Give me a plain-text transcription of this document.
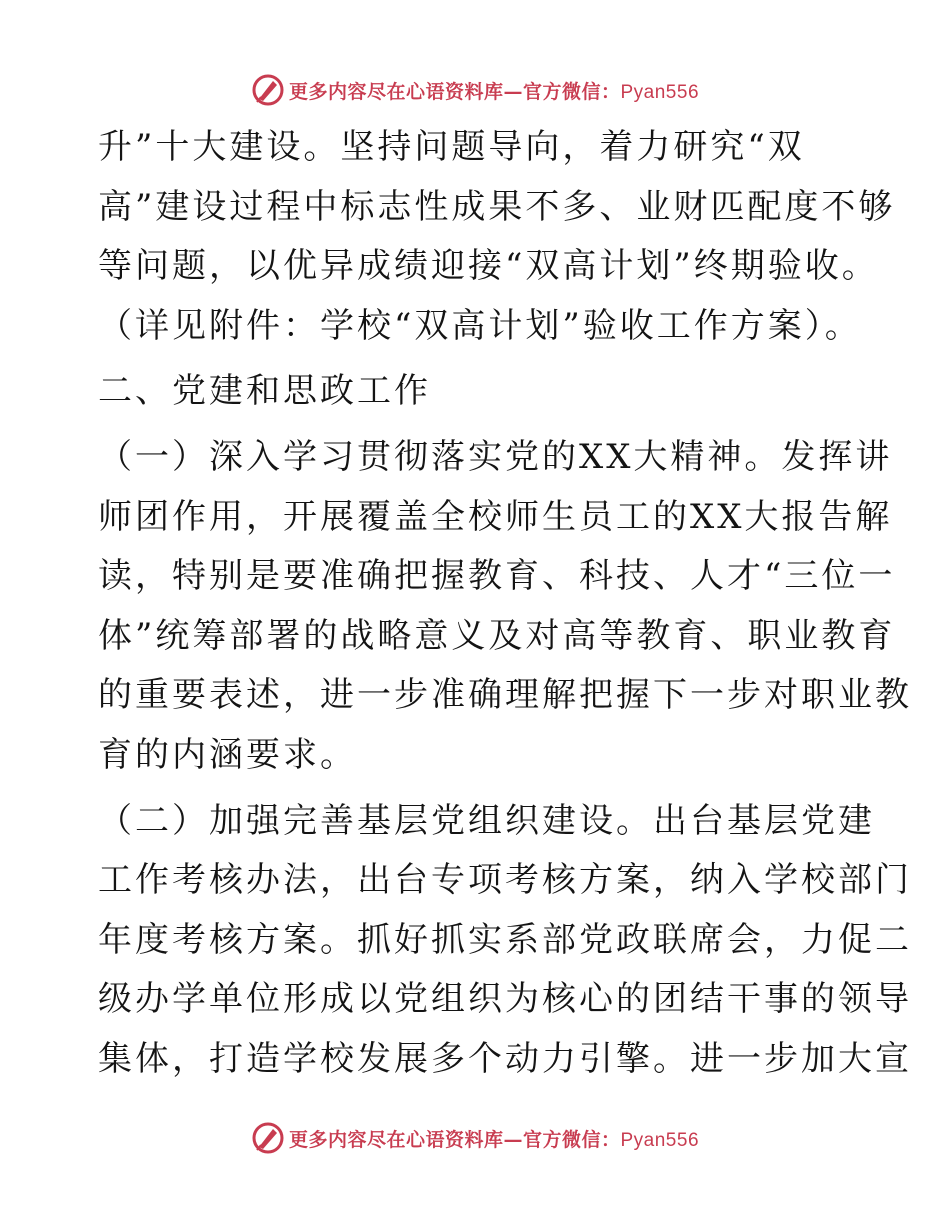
更多内容尽在心语资料库—官方微信：Pyan556
升”十大建设。坚持问题导向，着力研究“双
高”建设过程中标志性成果不多、业财匹配度不够
等问题，以优异成绩迎接“双高计划”终期验收。
（详见附件：学校“双高计划”验收工作方案）。
二、党建和思政工作
（一）深入学习贯彻落实党的XX大精神。发挥讲
师团作用，开展覆盖全校师生员工的XX大报告解
读，特别是要准确把握教育、科技、人才“三位一
体”统筹部署的战略意义及对高等教育、职业教育
的重要表述，进一步准确理解把握下一步对职业教
育的内涵要求。
（二）加强完善基层党组织建设。出台基层党建
工作考核办法，出台专项考核方案，纳入学校部门
年度考核方案。抓好抓实系部党政联席会，力促二
级办学单位形成以党组织为核心的团结干事的领导
集体，打造学校发展多个动力引擎。进一步加大宣
更多内容尽在心语资料库—官方微信：Pyan556
